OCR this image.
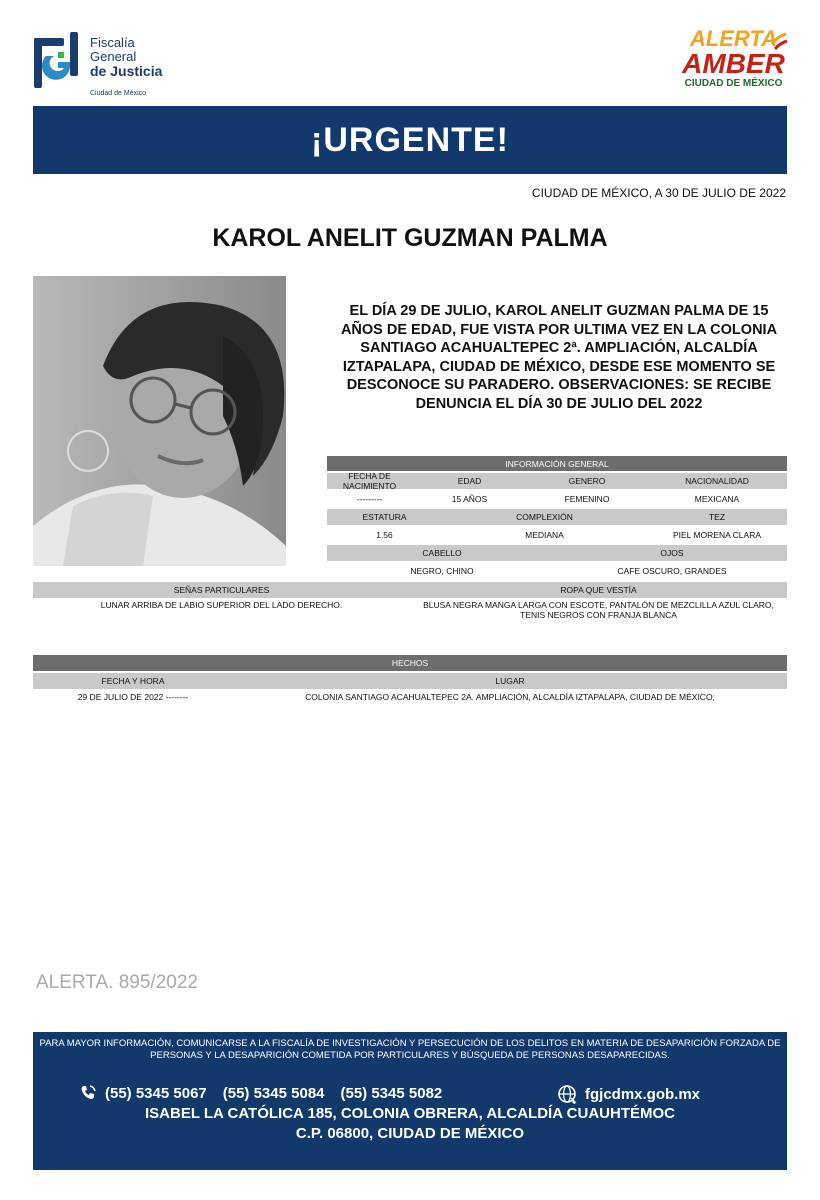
Fiscalía
General
de Justicia
Ciudad de México
ALERTA
AMBER
CIUDAD DE MÉXICO
¡URGENTE!
CIUDAD DE MÉXICO, A 30 DE JULIO DE 2022
KAROL ANELIT GUZMAN PALMA
EL DÍA 29 DE JULIO, KAROL ANELIT GUZMAN PALMA DE 15 AÑOS DE EDAD, FUE VISTA POR ULTIMA VEZ EN LA COLONIA SANTIAGO ACAHUALTEPEC 2ª. AMPLIACIÓN, ALCALDÍA IZTAPALAPA, CIUDAD DE MÉXICO, DESDE ESE MOMENTO SE DESCONOCE SU PARADERO. OBSERVACIONES: SE RECIBE DENUNCIA EL DÍA 30 DE JULIO DEL 2022
INFORMACIÓN GENERAL
FECHA DE NACIMIENTO	EDAD	GENERO	NACIONALIDAD
---------	15 AÑOS	FEMENINO	MEXICANA
ESTATURA	COMPLEXIÓN	TEZ
1.56	MEDIANA	PIEL MORENA CLARA
CABELLO	OJOS
NEGRO, CHINO	CAFE OSCURO, GRANDES
SEÑAS PARTICULARES	ROPA QUE VESTÍA
LUNAR ARRIBA DE LABIO SUPERIOR DEL LADO DERECHO.	BLUSA NEGRA MANGA LARGA CON ESCOTE, PANTALÓN DE MEZCLILLA AZUL CLARO, TENIS NEGROS CON FRANJA BLANCA
HECHOS
FECHA Y HORA	LUGAR
29 DE JULIO DE 2022 --------	COLONIA SANTIAGO ACAHUALTEPEC 2A. AMPLIACIÓN, ALCALDÍA IZTAPALAPA, CIUDAD DE MÉXICO;
ALERTA. 895/2022
PARA MAYOR INFORMACIÓN, COMUNICARSE A LA FISCALÍA DE INVESTIGACIÓN Y PERSECUCIÓN DE LOS DELITOS EN MATERIA DE DESAPARICIÓN FORZADA DE PERSONAS Y LA DESAPARICIÓN COMETIDA POR PARTICULARES Y BÚSQUEDA DE PERSONAS DESAPARECIDAS.
(55) 5345 5067 (55) 5345 5084 (55) 5345 5082	fgjcdmx.gob.mx
ISABEL LA CATÓLICA 185, COLONIA OBRERA, ALCALDÍA CUAUHTÉMOC
C.P. 06800, CIUDAD DE MÉXICO
